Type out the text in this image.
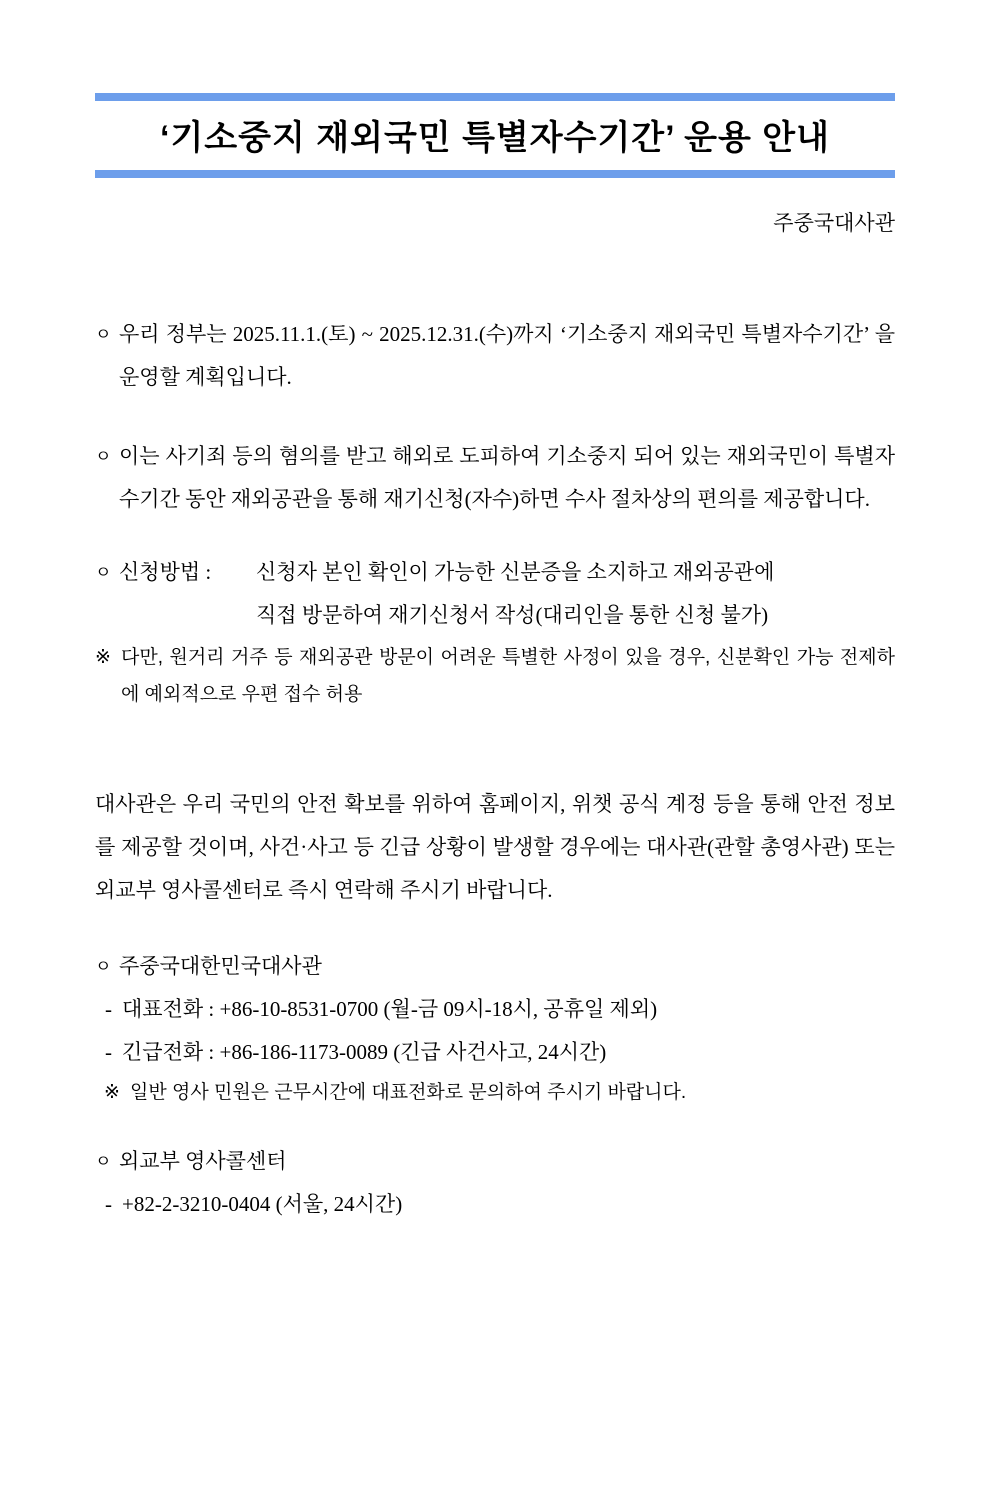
‘기소중지 재외국민 특별자수기간’ 운용 안내
주중국대사관
ㅇ 우리 정부는 2025.11.1.(토) ~ 2025.12.31.(수)까지 ‘기소중지 재외국민 특별자수기간’ 을 운영할 계획입니다.
ㅇ 이는 사기죄 등의 혐의를 받고 해외로 도피하여 기소중지 되어 있는 재외국민이 특별자수기간 동안 재외공관을 통해 재기신청(자수)하면 수사 절차상의 편의를 제공합니다.
ㅇ 신청방법 :	신청자 본인 확인이 가능한 신분증을 소지하고 재외공관에
직접 방문하여 재기신청서 작성(대리인을 통한 신청 불가)
※ 다만, 원거리 거주 등 재외공관 방문이 어려운 특별한 사정이 있을 경우, 신분확인 가능 전제하에 예외적으로 우편 접수 허용
대사관은 우리 국민의 안전 확보를 위하여 홈페이지, 위챗 공식 계정 등을 통해 안전 정보를 제공할 것이며, 사건·사고 등 긴급 상황이 발생할 경우에는 대사관(관할 총영사관) 또는 외교부 영사콜센터로 즉시 연락해 주시기 바랍니다.
ㅇ 주중국대한민국대사관
- 대표전화 : +86-10-8531-0700 (월-금 09시-18시, 공휴일 제외)
- 긴급전화 : +86-186-1173-0089 (긴급 사건사고, 24시간)
※ 일반 영사 민원은 근무시간에 대표전화로 문의하여 주시기 바랍니다.
ㅇ 외교부 영사콜센터
- +82-2-3210-0404 (서울, 24시간)
